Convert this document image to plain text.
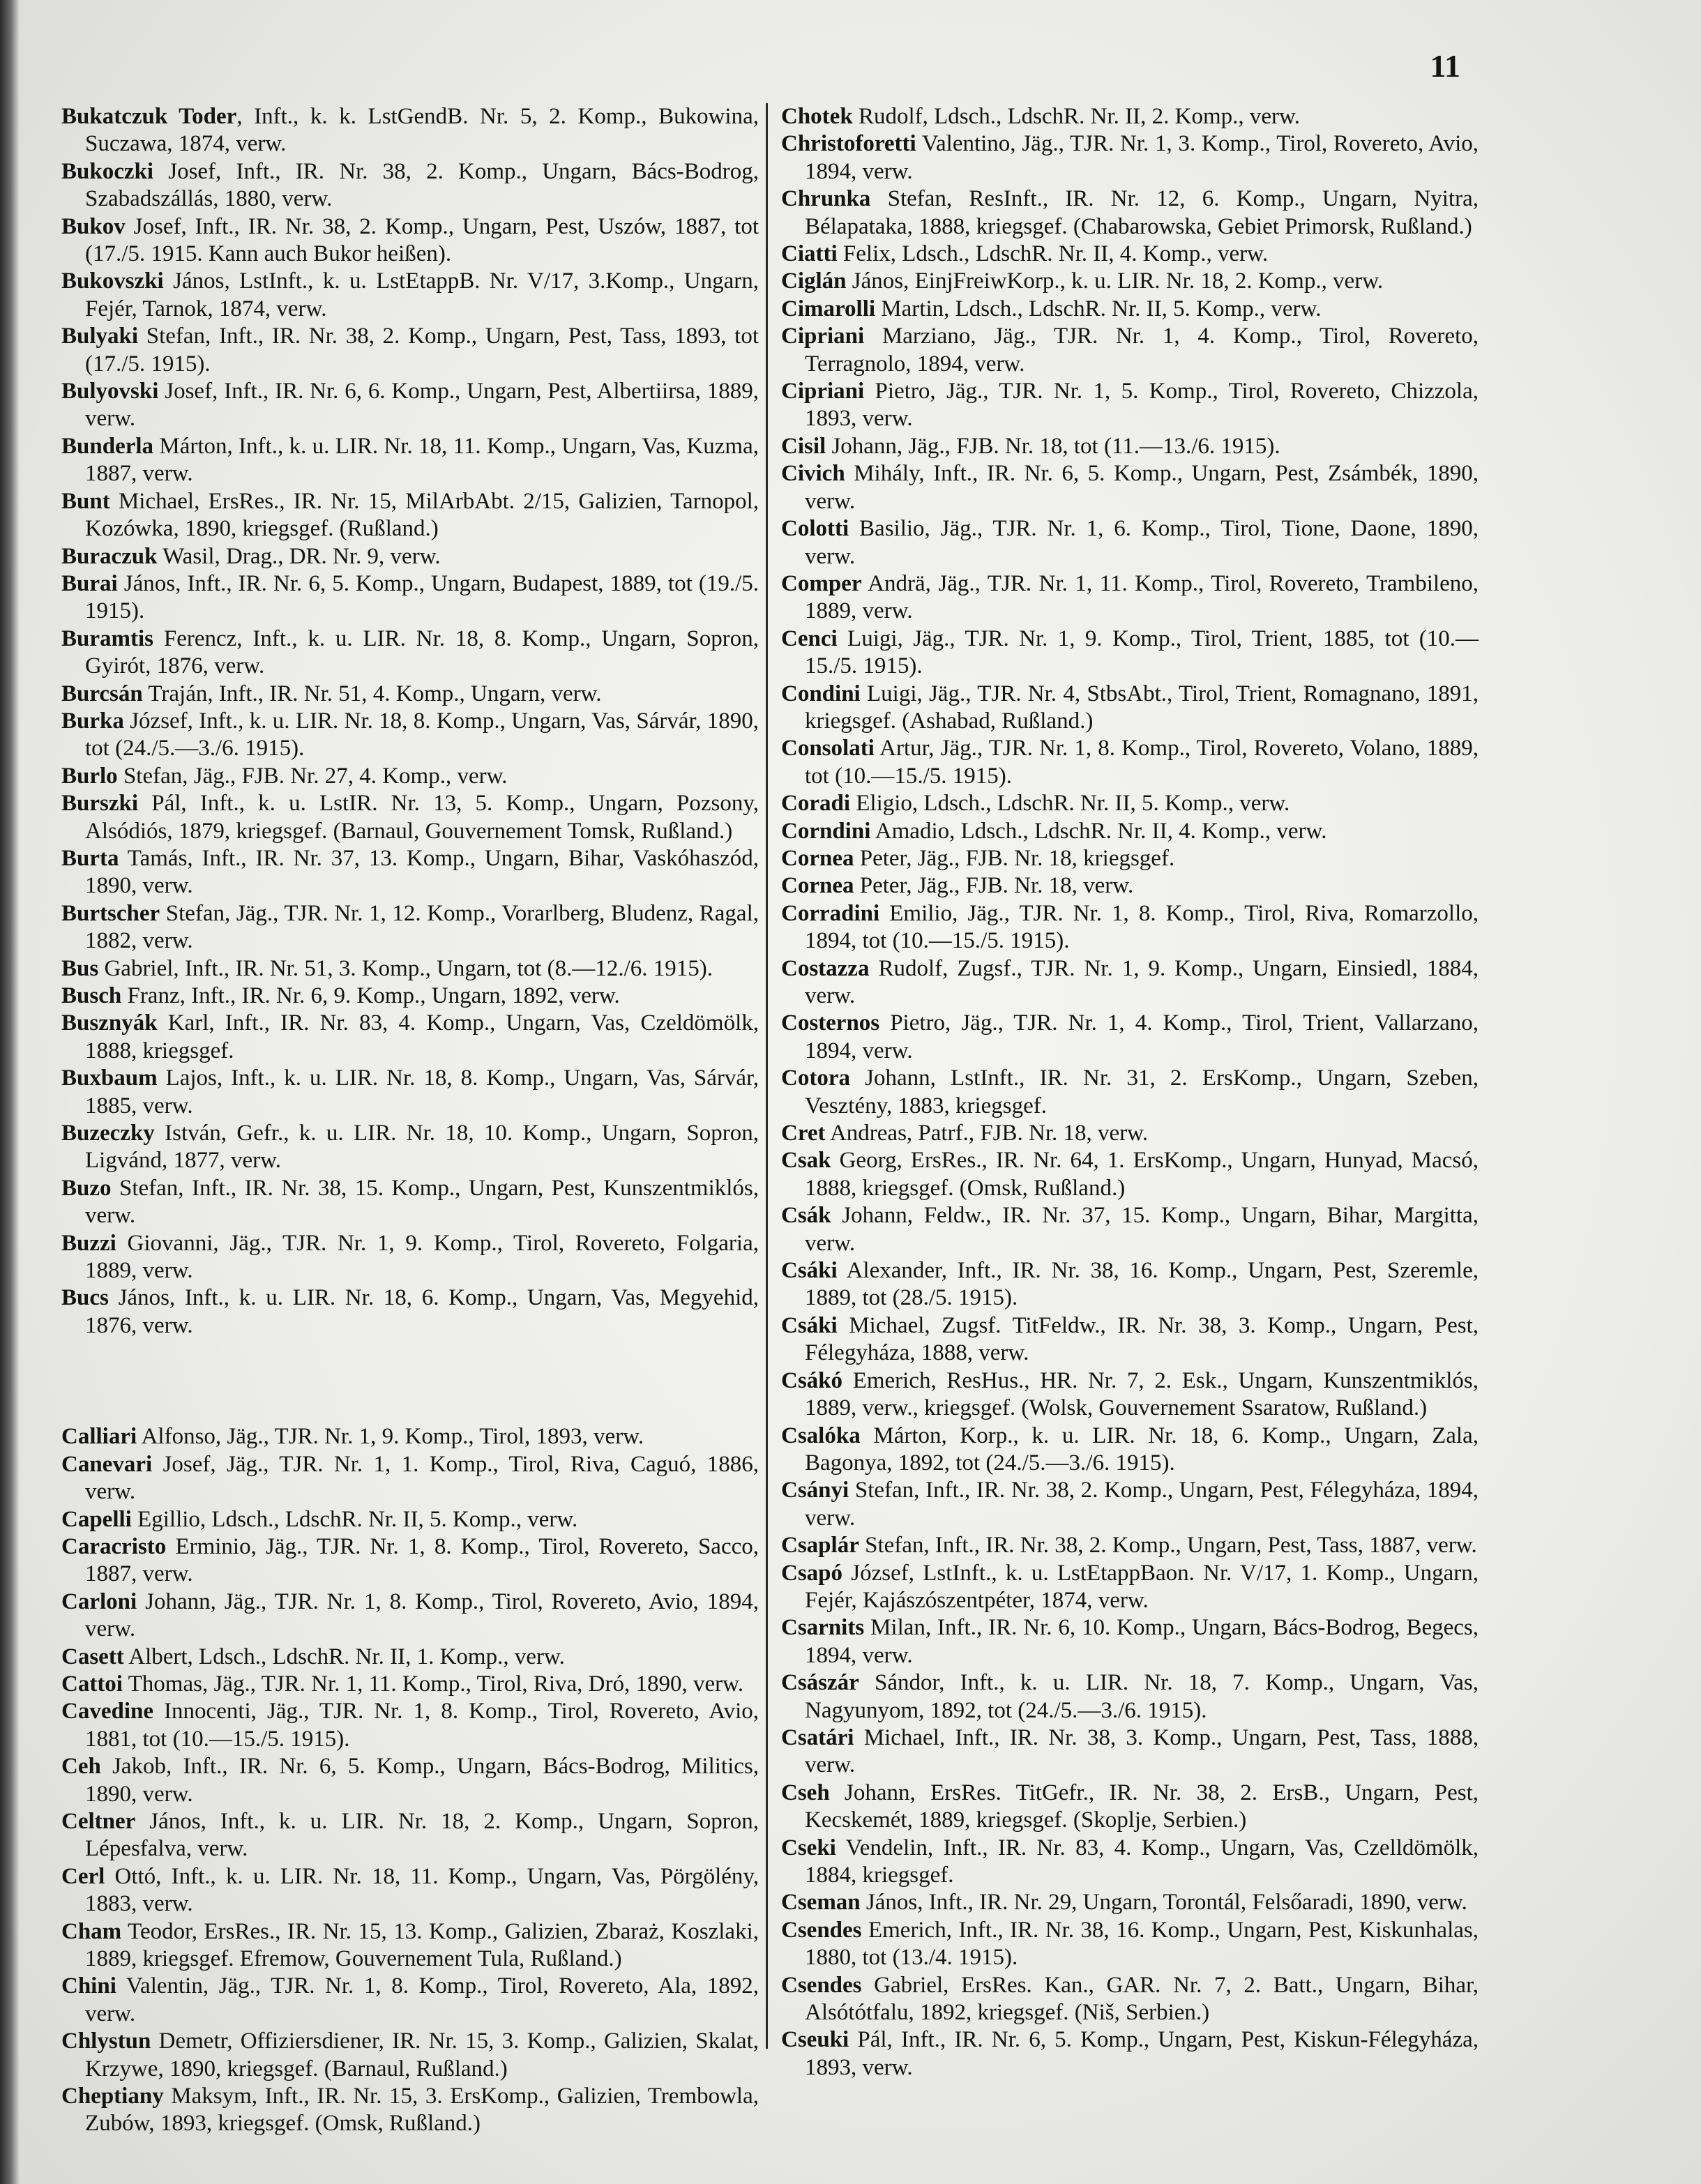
11

Bukatczuk Toder, Inft., k. k. LstGendB. Nr. 5, 2. Komp., Bukowina, Suczawa, 1874, verw.

Bukoczki Josef, Inft., IR. Nr. 38, 2. Komp., Ungarn, Bács-Bodrog, Szabadszállás, 1880, verw.

Bukov Josef, Inft., IR. Nr. 38, 2. Komp., Ungarn, Pest, Uszów, 1887, tot (17./5. 1915. Kann auch Bukor heißen).

Bukovszki János, LstInft., k. u. LstEtappB. Nr. V/17, 3.Komp., Ungarn, Fejér, Tarnok, 1874, verw.

Bulyaki Stefan, Inft., IR. Nr. 38, 2. Komp., Ungarn, Pest, Tass, 1893, tot (17./5. 1915).

Bulyovski Josef, Inft., IR. Nr. 6, 6. Komp., Ungarn, Pest, Albertiirsa, 1889, verw.

Bunderla Márton, Inft., k. u. LIR. Nr. 18, 11. Komp., Ungarn, Vas, Kuzma, 1887, verw.

Bunt Michael, ErsRes., IR. Nr. 15, MilArbAbt. 2/15, Galizien, Tarnopol, Kozówka, 1890, kriegsgef. (Rußland.)

Buraczuk Wasil, Drag., DR. Nr. 9, verw.

Burai János, Inft., IR. Nr. 6, 5. Komp., Ungarn, Budapest, 1889, tot (19./5. 1915).

Buramtis Ferencz, Inft., k. u. LIR. Nr. 18, 8. Komp., Ungarn, Sopron, Gyirót, 1876, verw.

Burcsán Traján, Inft., IR. Nr. 51, 4. Komp., Ungarn, verw.

Burka József, Inft., k. u. LIR. Nr. 18, 8. Komp., Ungarn, Vas, Sárvár, 1890, tot (24./5.—3./6. 1915).

Burlo Stefan, Jäg., FJB. Nr. 27, 4. Komp., verw.

Burszki Pál, Inft., k. u. LstIR. Nr. 13, 5. Komp., Ungarn, Pozsony, Alsódiós, 1879, kriegsgef. (Barnaul, Gouvernement Tomsk, Rußland.)

Burta Tamás, Inft., IR. Nr. 37, 13. Komp., Ungarn, Bihar, Vaskóhaszód, 1890, verw.

Burtscher Stefan, Jäg., TJR. Nr. 1, 12. Komp., Vorarlberg, Bludenz, Ragal, 1882, verw.

Bus Gabriel, Inft., IR. Nr. 51, 3. Komp., Ungarn, tot (8.—12./6. 1915).

Busch Franz, Inft., IR. Nr. 6, 9. Komp., Ungarn, 1892, verw.

Busznyák Karl, Inft., IR. Nr. 83, 4. Komp., Ungarn, Vas, Czeldömölk, 1888, kriegsgef.

Buxbaum Lajos, Inft., k. u. LIR. Nr. 18, 8. Komp., Ungarn, Vas, Sárvár, 1885, verw.

Buzeczky István, Gefr., k. u. LIR. Nr. 18, 10. Komp., Ungarn, Sopron, Ligvánd, 1877, verw.

Buzo Stefan, Inft., IR. Nr. 38, 15. Komp., Ungarn, Pest, Kunszentmiklós, verw.

Buzzi Giovanni, Jäg., TJR. Nr. 1, 9. Komp., Tirol, Rovereto, Folgaria, 1889, verw.

Bucs János, Inft., k. u. LIR. Nr. 18, 6. Komp., Ungarn, Vas, Megyehid, 1876, verw.

Calliari Alfonso, Jäg., TJR. Nr. 1, 9. Komp., Tirol, 1893, verw.

Canevari Josef, Jäg., TJR. Nr. 1, 1. Komp., Tirol, Riva, Caguó, 1886, verw.

Capelli Egillio, Ldsch., LdschR. Nr. II, 5. Komp., verw.

Caracristo Erminio, Jäg., TJR. Nr. 1, 8. Komp., Tirol, Rovereto, Sacco, 1887, verw.

Carloni Johann, Jäg., TJR. Nr. 1, 8. Komp., Tirol, Rovereto, Avio, 1894, verw.

Casett Albert, Ldsch., LdschR. Nr. II, 1. Komp., verw.

Cattoi Thomas, Jäg., TJR. Nr. 1, 11. Komp., Tirol, Riva, Dró, 1890, verw.

Cavedine Innocenti, Jäg., TJR. Nr. 1, 8. Komp., Tirol, Rovereto, Avio, 1881, tot (10.—15./5. 1915).

Ceh Jakob, Inft., IR. Nr. 6, 5. Komp., Ungarn, Bács-Bodrog, Militics, 1890, verw.

Celtner János, Inft., k. u. LIR. Nr. 18, 2. Komp., Ungarn, Sopron, Lépesfalva, verw.

Cerl Ottó, Inft., k. u. LIR. Nr. 18, 11. Komp., Ungarn, Vas, Pörgölény, 1883, verw.

Cham Teodor, ErsRes., IR. Nr. 15, 13. Komp., Galizien, Zbaraż, Koszlaki, 1889, kriegsgef. Efremow, Gouvernement Tula, Rußland.)

Chini Valentin, Jäg., TJR. Nr. 1, 8. Komp., Tirol, Rovereto, Ala, 1892, verw.

Chlystun Demetr, Offiziersdiener, IR. Nr. 15, 3. Komp., Galizien, Skalat, Krzywe, 1890, kriegsgef. (Barnaul, Rußland.)

Cheptiany Maksym, Inft., IR. Nr. 15, 3. ErsKomp., Galizien, Trembowla, Zubów, 1893, kriegsgef. (Omsk, Rußland.)

Chotek Rudolf, Ldsch., LdschR. Nr. II, 2. Komp., verw.

Christoforetti Valentino, Jäg., TJR. Nr. 1, 3. Komp., Tirol, Rovereto, Avio, 1894, verw.

Chrunka Stefan, ResInft., IR. Nr. 12, 6. Komp., Ungarn, Nyitra, Bélapataka, 1888, kriegsgef. (Chabarowska, Gebiet Primorsk, Rußland.)

Ciatti Felix, Ldsch., LdschR. Nr. II, 4. Komp., verw.

Ciglán János, EinjFreiwKorp., k. u. LIR. Nr. 18, 2. Komp., verw.

Cimarolli Martin, Ldsch., LdschR. Nr. II, 5. Komp., verw.

Cipriani Marziano, Jäg., TJR. Nr. 1, 4. Komp., Tirol, Rovereto, Terragnolo, 1894, verw.

Cipriani Pietro, Jäg., TJR. Nr. 1, 5. Komp., Tirol, Rovereto, Chizzola, 1893, verw.

Cisil Johann, Jäg., FJB. Nr. 18, tot (11.—13./6. 1915).

Civich Mihály, Inft., IR. Nr. 6, 5. Komp., Ungarn, Pest, Zsámbék, 1890, verw.

Colotti Basilio, Jäg., TJR. Nr. 1, 6. Komp., Tirol, Tione, Daone, 1890, verw.

Comper Andrä, Jäg., TJR. Nr. 1, 11. Komp., Tirol, Rovereto, Trambileno, 1889, verw.

Cenci Luigi, Jäg., TJR. Nr. 1, 9. Komp., Tirol, Trient, 1885, tot (10.—15./5. 1915).

Condini Luigi, Jäg., TJR. Nr. 4, StbsAbt., Tirol, Trient, Romagnano, 1891, kriegsgef. (Ashabad, Rußland.)

Consolati Artur, Jäg., TJR. Nr. 1, 8. Komp., Tirol, Rovereto, Volano, 1889, tot (10.—15./5. 1915).

Coradi Eligio, Ldsch., LdschR. Nr. II, 5. Komp., verw.

Corndini Amadio, Ldsch., LdschR. Nr. II, 4. Komp., verw.

Cornea Peter, Jäg., FJB. Nr. 18, kriegsgef.

Cornea Peter, Jäg., FJB. Nr. 18, verw.

Corradini Emilio, Jäg., TJR. Nr. 1, 8. Komp., Tirol, Riva, Romarzollo, 1894, tot (10.—15./5. 1915).

Costazza Rudolf, Zugsf., TJR. Nr. 1, 9. Komp., Ungarn, Einsiedl, 1884, verw.

Costernos Pietro, Jäg., TJR. Nr. 1, 4. Komp., Tirol, Trient, Vallarzano, 1894, verw.

Cotora Johann, LstInft., IR. Nr. 31, 2. ErsKomp., Ungarn, Szeben, Vesztény, 1883, kriegsgef.

Cret Andreas, Patrf., FJB. Nr. 18, verw.

Csak Georg, ErsRes., IR. Nr. 64, 1. ErsKomp., Ungarn, Hunyad, Macsó, 1888, kriegsgef. (Omsk, Rußland.)

Csák Johann, Feldw., IR. Nr. 37, 15. Komp., Ungarn, Bihar, Margitta, verw.

Csáki Alexander, Inft., IR. Nr. 38, 16. Komp., Ungarn, Pest, Szeremle, 1889, tot (28./5. 1915).

Csáki Michael, Zugsf. TitFeldw., IR. Nr. 38, 3. Komp., Ungarn, Pest, Félegyháza, 1888, verw.

Csákó Emerich, ResHus., HR. Nr. 7, 2. Esk., Ungarn, Kunszentmiklós, 1889, verw., kriegsgef. (Wolsk, Gouvernement Ssaratow, Rußland.)

Csalóka Márton, Korp., k. u. LIR. Nr. 18, 6. Komp., Ungarn, Zala, Bagonya, 1892, tot (24./5.—3./6. 1915).

Csányi Stefan, Inft., IR. Nr. 38, 2. Komp., Ungarn, Pest, Félegyháza, 1894, verw.

Csaplár Stefan, Inft., IR. Nr. 38, 2. Komp., Ungarn, Pest, Tass, 1887, verw.

Csapó József, LstInft., k. u. LstEtappBaon. Nr. V/17, 1. Komp., Ungarn, Fejér, Kajászószentpéter, 1874, verw.

Csarnits Milan, Inft., IR. Nr. 6, 10. Komp., Ungarn, Bács-Bodrog, Begecs, 1894, verw.

Császár Sándor, Inft., k. u. LIR. Nr. 18, 7. Komp., Ungarn, Vas, Nagyunyom, 1892, tot (24./5.—3./6. 1915).

Csatári Michael, Inft., IR. Nr. 38, 3. Komp., Ungarn, Pest, Tass, 1888, verw.

Cseh Johann, ErsRes. TitGefr., IR. Nr. 38, 2. ErsB., Ungarn, Pest, Kecskemét, 1889, kriegsgef. (Skoplje, Serbien.)

Cseki Vendelin, Inft., IR. Nr. 83, 4. Komp., Ungarn, Vas, Czelldömölk, 1884, kriegsgef.

Cseman János, Inft., IR. Nr. 29, Ungarn, Torontál, Felsőaradi, 1890, verw.

Csendes Emerich, Inft., IR. Nr. 38, 16. Komp., Ungarn, Pest, Kiskunhalas, 1880, tot (13./4. 1915).

Csendes Gabriel, ErsRes. Kan., GAR. Nr. 7, 2. Batt., Ungarn, Bihar, Alsótótfalu, 1892, kriegsgef. (Niš, Serbien.)

Cseuki Pál, Inft., IR. Nr. 6, 5. Komp., Ungarn, Pest, Kiskun-Félegyháza, 1893, verw.
